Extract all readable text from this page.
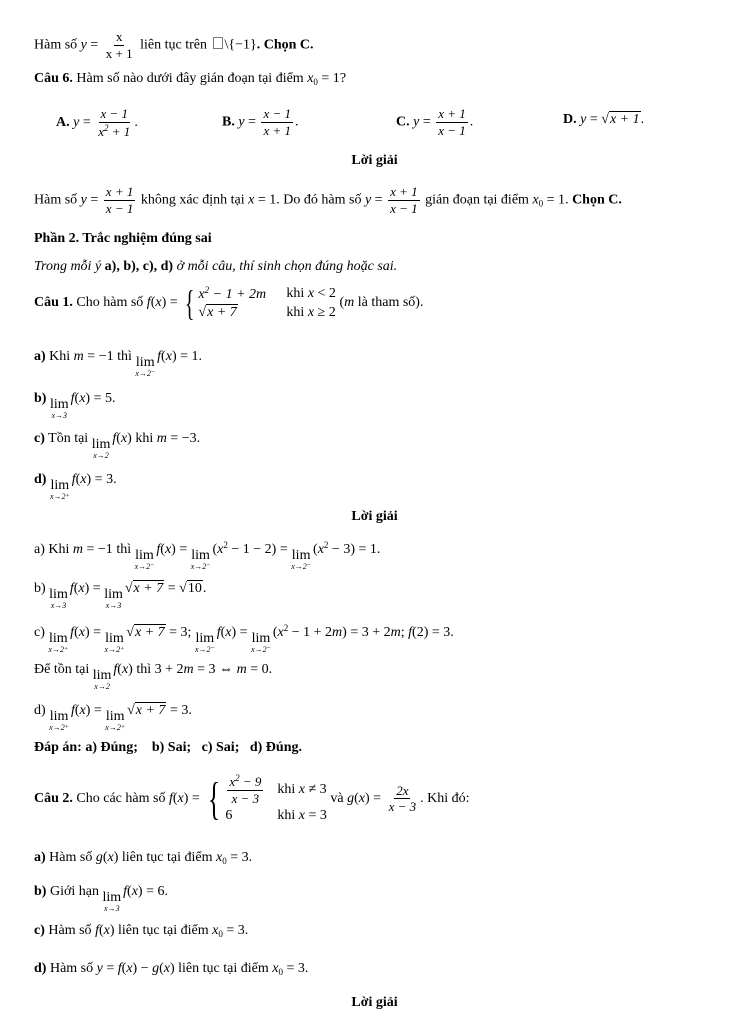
Hàm số $y = \frac{x}{x + 1}$ liên tục trên \{−1}. Chọn C.
Câu 6. Hàm số nào dưới đây gián đoạn tại điểm $x_0 = 1$?
A. $y = \frac{x - 1}{x^2 + 1}$ .	B. $y = \frac{x - 1}{x + 1}$ .	C. $y = \frac{x + 1}{x - 1}$ .	D. y = √x + 1.
Lời giải
Hàm số $y = \frac{x + 1}{x - 1}$ không xác định tại x = 1. Do đó hàm số $y = \frac{x + 1}{x - 1}$ gián đoạn tại điểm $x_0 = 1$. Chọn C.
Phần 2. Trắc nghiệm đúng sai
Trong mỗi ý a), b), c), d) ở mỗi câu, thí sinh chọn đúng hoặc sai.
Câu 1. Cho hàm số f(x) = { $x^2 - 1 + 2m$	khi x < 2
√x + 7	khi x ≥ 2
(m là tham số).
a) Khi m = −1 thì lim
x→2⁻
f(x) = 1.
b) lim
x→3
f(x) = 5.
c) Tồn tại lim
x→2
f(x) khi m = −3.
d) lim
x→2⁺
f(x) = 3.
Lời giải
a) Khi m = −1 thì lim
x→2⁻
f(x) = lim
x→2⁻
$(x^2 - 1 - 2) = \lim$
x→2⁻
$(x^2 - 3) = 1$.
b) lim
x→3
f(x) = lim
x→3
√x + 7 = √10.
c) lim
x→2⁺
f(x) = lim
x→2⁺
√x + 7 = 3; lim
x→2⁻
f(x) = lim
x→2⁻
$(x^2 - 1 + 2m) = 3 + 2m$; f(2) = 3.
Để tồn tại lim
x→2
f(x) thì 3 + 2m = 3 ⇔ m = 0.
d) lim
x→2⁺
f(x) = lim
x→2⁺
√x + 7 = 3.
Đáp án: a) Đúng;    b) Sai;   c) Sai;   d) Đúng.
Câu 2. Cho các hàm số f(x) = { $\frac{x^2 - 9}{x - 3}$ khi x ≠ 3
6	khi x = 3
và $g(x) = \frac{2x}{x - 3}$ . Khi đó:
a) Hàm số g(x) liên tục tại điểm $x_0 = 3$.
b) Giới hạn lim
x→3
f(x) = 6.
c) Hàm số f(x) liên tục tại điểm $x_0 = 3$.
d) Hàm số y = f(x) − g(x) liên tục tại điểm $x_0 = 3$.
Lời giải
